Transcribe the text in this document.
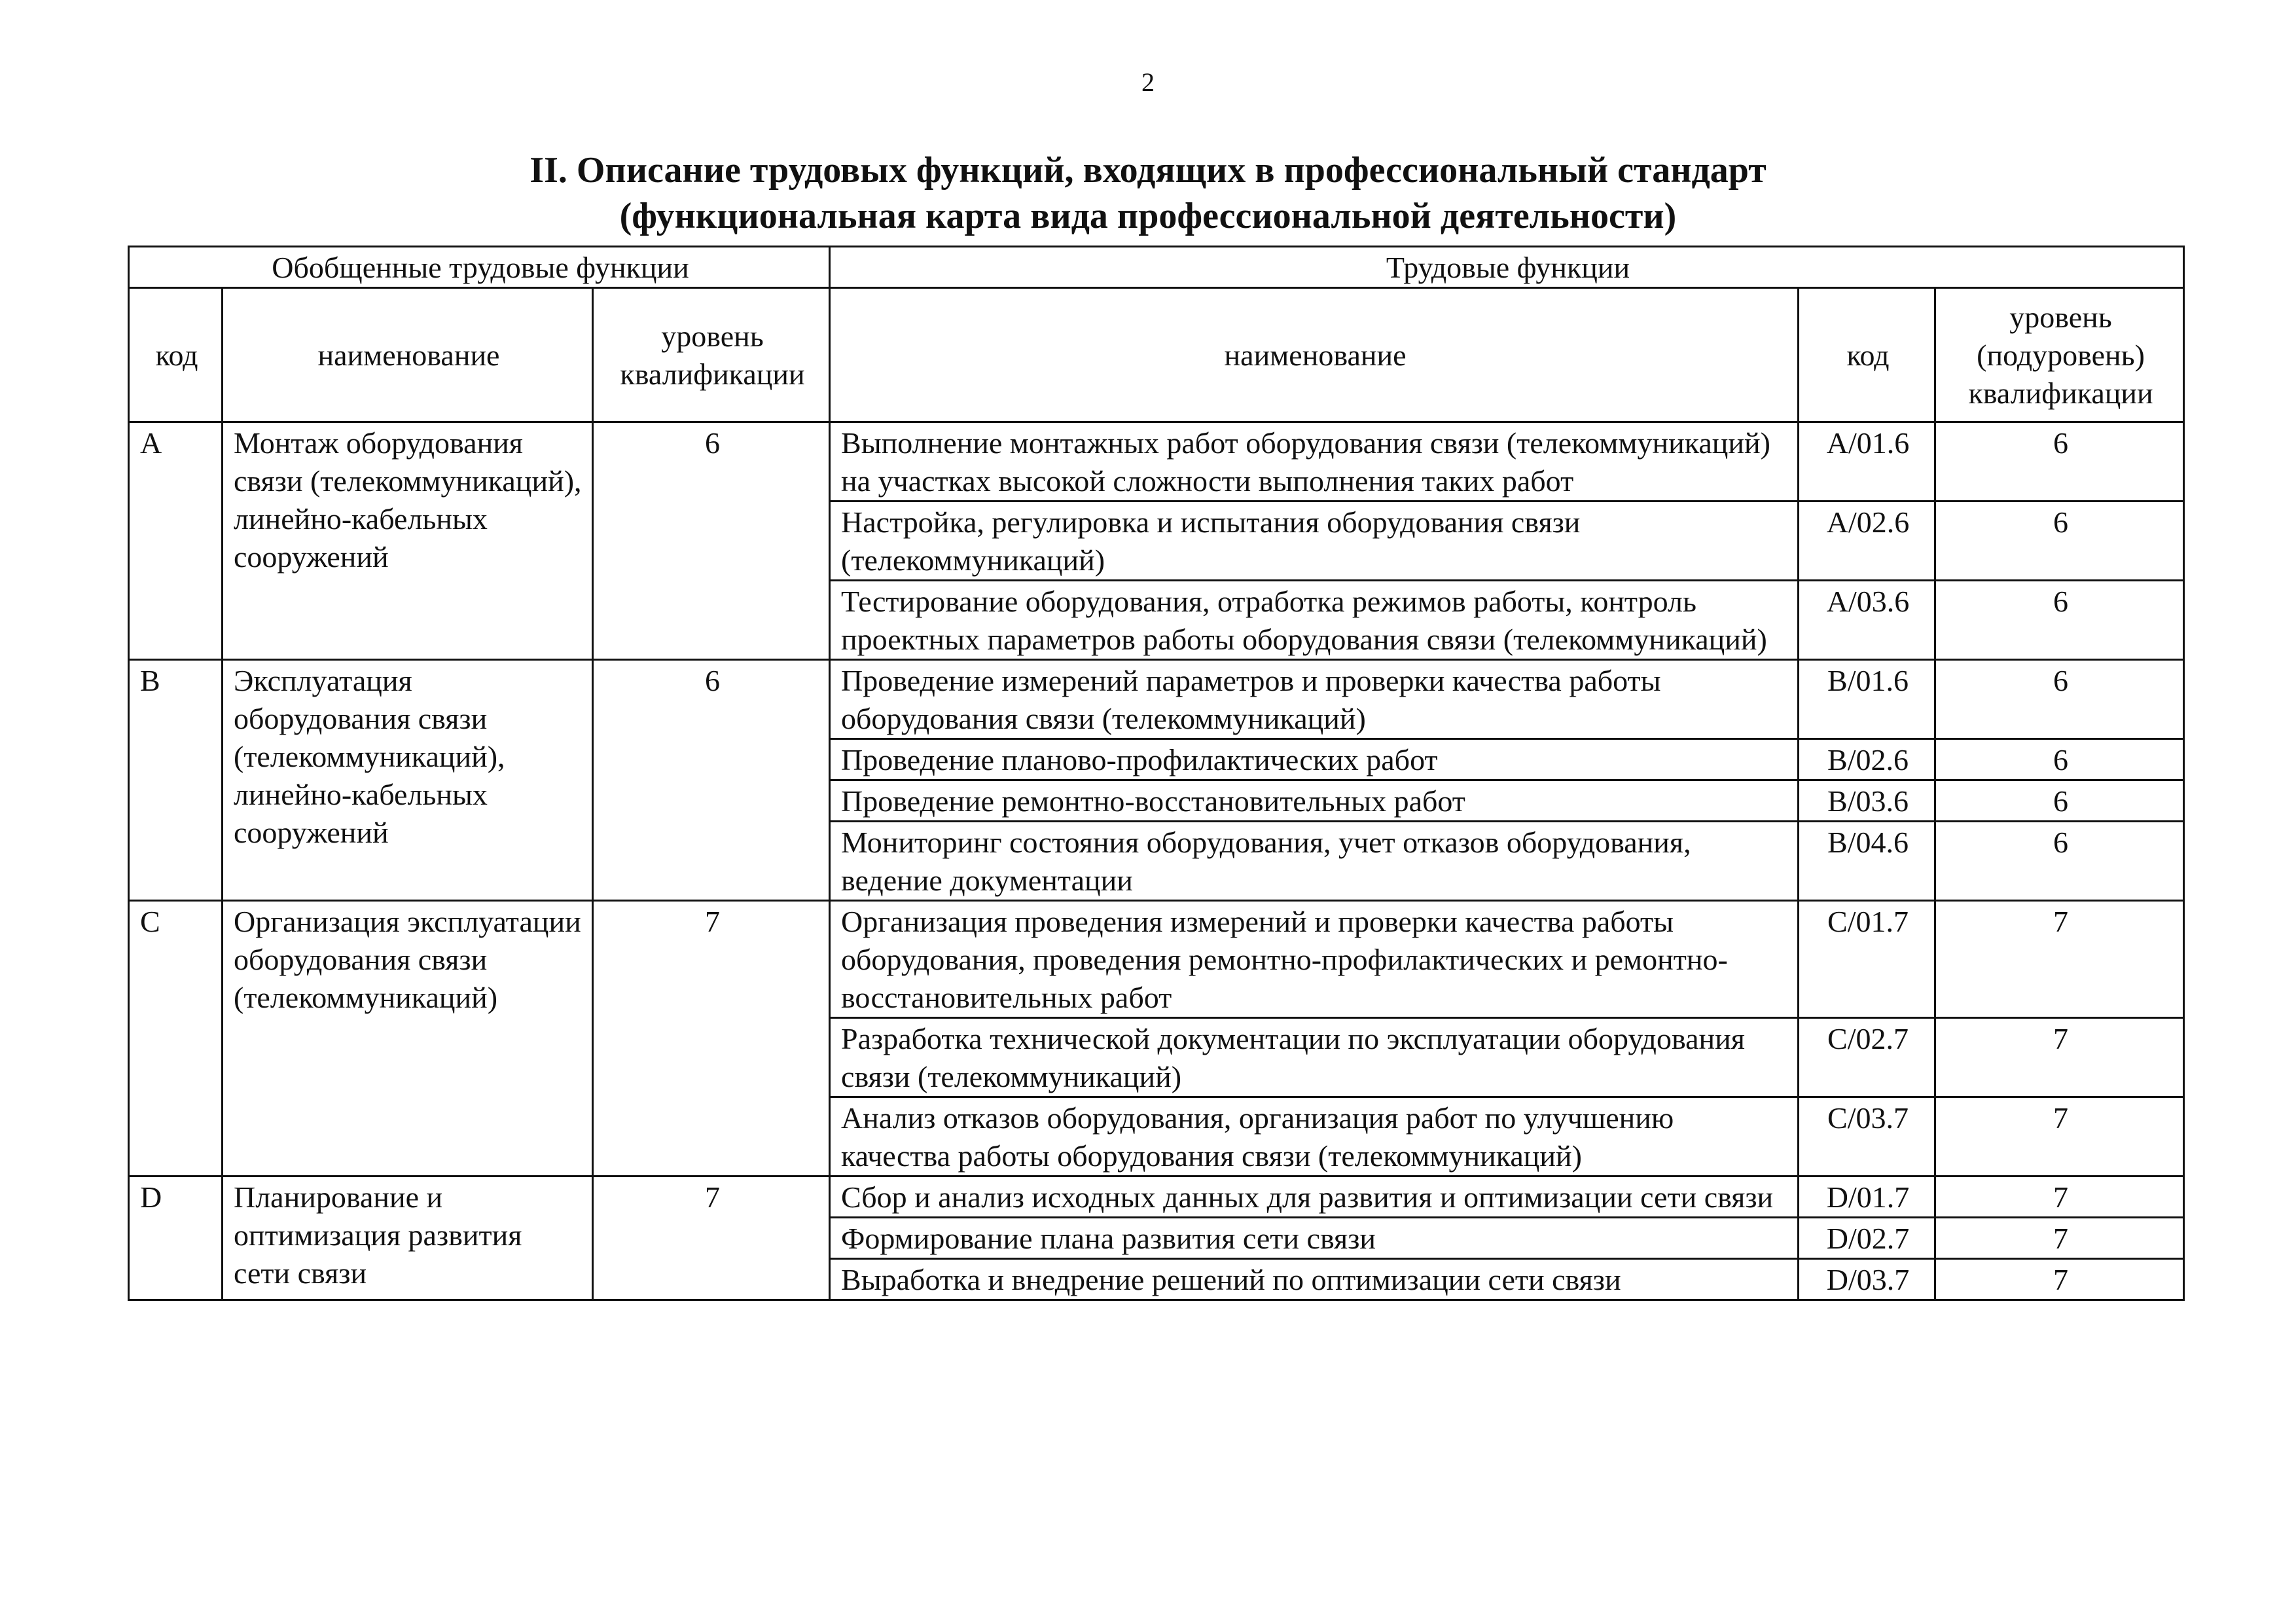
2
II. Описание трудовых функций, входящих в профессиональный стандарт
(функциональная карта вида профессиональной деятельности)
Обобщенные трудовые функции			Трудовые функции		
код	наименование	уровень квалификации	наименование	код	уровень (подуровень) квалификации
A	Монтаж оборудования связи (телекоммуникаций), линейно-кабельных сооружений	6	Выполнение монтажных работ оборудования связи (телекоммуникаций) на участках высокой сложности выполнения таких работ	A/01.6	6
			Настройка, регулировка и испытания оборудования связи (телекоммуникаций)	A/02.6	6
			Тестирование оборудования, отработка режимов работы, контроль проектных параметров работы оборудования связи (телекоммуникаций)	A/03.6	6
B	Эксплуатация оборудования связи (телекоммуникаций), линейно-кабельных сооружений	6	Проведение измерений параметров и проверки качества работы оборудования связи (телекоммуникаций)	B/01.6	6
			Проведение планово-профилактических работ	B/02.6	6
			Проведение ремонтно-восстановительных работ	B/03.6	6
			Мониторинг состояния оборудования, учет отказов оборудования, ведение документации	B/04.6	6
C	Организация эксплуатации оборудования связи (телекоммуникаций)	7	Организация проведения измерений и проверки качества работы оборудования, проведения ремонтно-профилактических и ремонтно-восстановительных работ	C/01.7	7
			Разработка технической документации по эксплуатации оборудования связи (телекоммуникаций)	C/02.7	7
			Анализ отказов оборудования, организация работ по улучшению качества работы оборудования связи (телекоммуникаций)	C/03.7	7
D	Планирование и оптимизация развития сети связи	7	Сбор и анализ исходных данных для развития и оптимизации сети связи	D/01.7	7
			Формирование плана развития сети связи	D/02.7	7
			Выработка и внедрение решений по оптимизации сети связи	D/03.7	7
